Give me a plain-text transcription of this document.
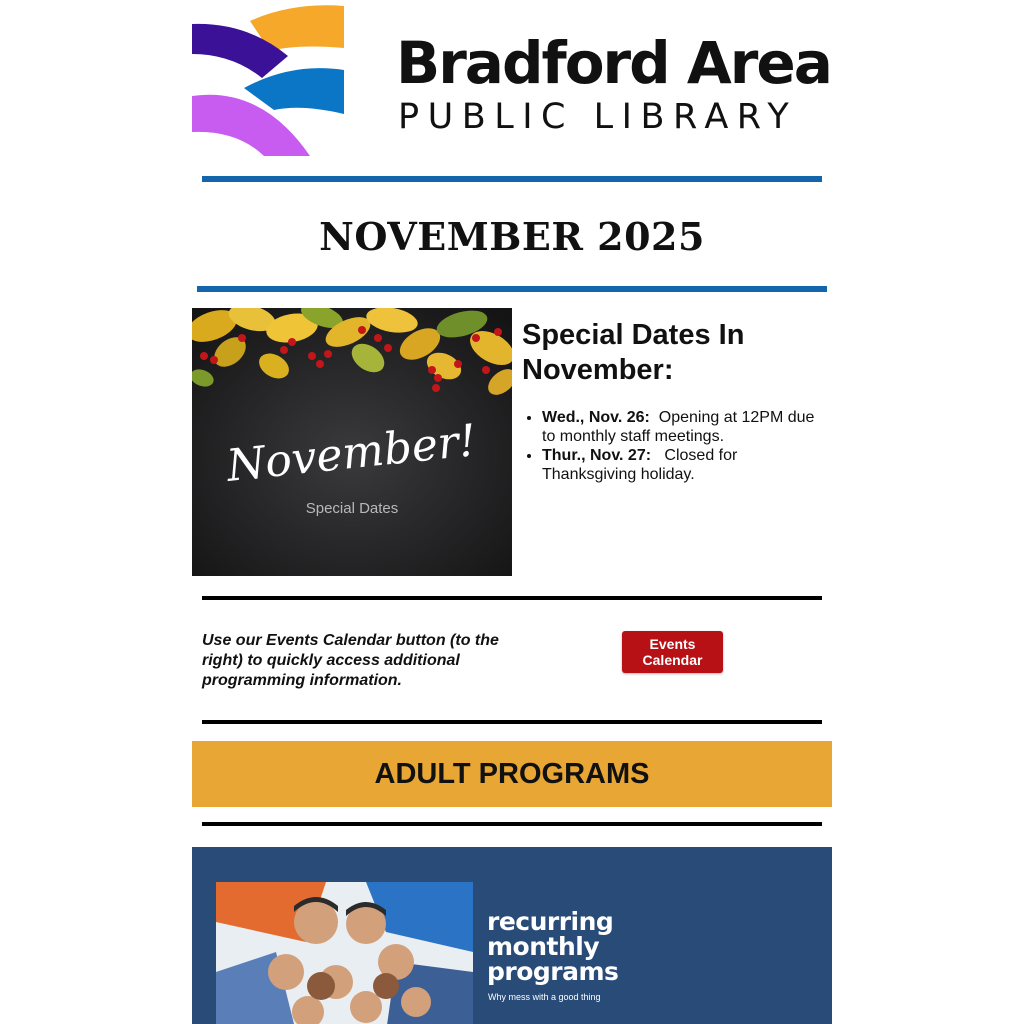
Bradford Area
PUBLIC LIBRARY
NOVEMBER 2025
November!
Special Dates
Special Dates In November:
• Wed., Nov. 26: Opening at 12PM due to monthly staff meetings.
• Thur., Nov. 27: Closed for Thanksgiving holiday.
Use our Events Calendar button (to the right) to quickly access additional programming information.
Events Calendar
ADULT PROGRAMS
recurring
monthly
programs
Why mess with a good thing
